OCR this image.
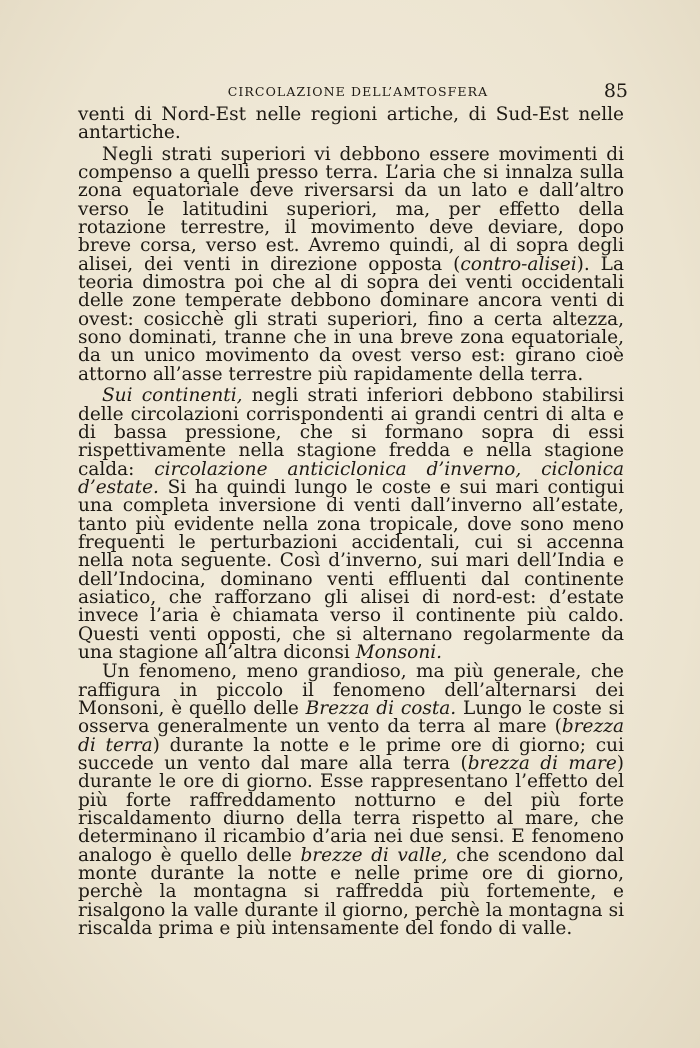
CIRCOLAZIONE DELL’AMTOSFERA	85

venti di Nord-Est nelle regioni artiche, di Sud-Est nelle antartiche.

Negli strati superiori vi debbono essere movimenti di compenso a quelli presso terra. L’aria che si innalza sulla zona equatoriale deve riversarsi da un lato e dall’altro verso le latitudini superiori, ma, per effetto della rotazione terrestre, il movimento deve deviare, dopo breve corsa, verso est. Avremo quindi, al di sopra degli alisei, dei venti in direzione opposta (contro-alisei). La teoria dimostra poi che al di sopra dei venti occidentali delle zone temperate debbono dominare ancora venti di ovest: cosicchè gli strati superiori, fino a certa altezza, sono dominati, tranne che in una breve zona equatoriale, da un unico movimento da ovest verso est: girano cioè attorno all’asse terrestre più rapidamente della terra.

Sui continenti, negli strati inferiori debbono stabilirsi delle circolazioni corrispondenti ai grandi centri di alta e di bassa pressione, che si formano sopra di essi rispettivamente nella stagione fredda e nella stagione calda: circolazione anticiclonica d’inverno, ciclonica d’estate. Si ha quindi lungo le coste e sui mari contigui una completa inversione di venti dall’inverno all’estate, tanto più evidente nella zona tropicale, dove sono meno frequenti le perturbazioni accidentali, cui si accenna nella nota seguente. Così d’inverno, sui mari dell’India e dell’Indocina, dominano venti effluenti dal continente asiatico, che rafforzano gli alisei di nord-est: d’estate invece l’aria è chiamata verso il continente più caldo. Questi venti opposti, che si alternano regolarmente da una stagione all’altra diconsi Monsoni.

Un fenomeno, meno grandioso, ma più generale, che raffigura in piccolo il fenomeno dell’alternarsi dei Monsoni, è quello delle Brezza di costa. Lungo le coste si osserva generalmente un vento da terra al mare (brezza di terra) durante la notte e le prime ore di giorno; cui succede un vento dal mare alla terra (brezza di mare) durante le ore di giorno. Esse rappresentano l’effetto del più forte raffreddamento notturno e del più forte riscaldamento diurno della terra rispetto al mare, che determinano il ricambio d’aria nei due sensi. E fenomeno analogo è quello delle brezze di valle, che scendono dal monte durante la notte e nelle prime ore di giorno, perchè la montagna si raffredda più fortemente, e risalgono la valle durante il giorno, perchè la montagna si riscalda prima e più intensamente del fondo di valle.
